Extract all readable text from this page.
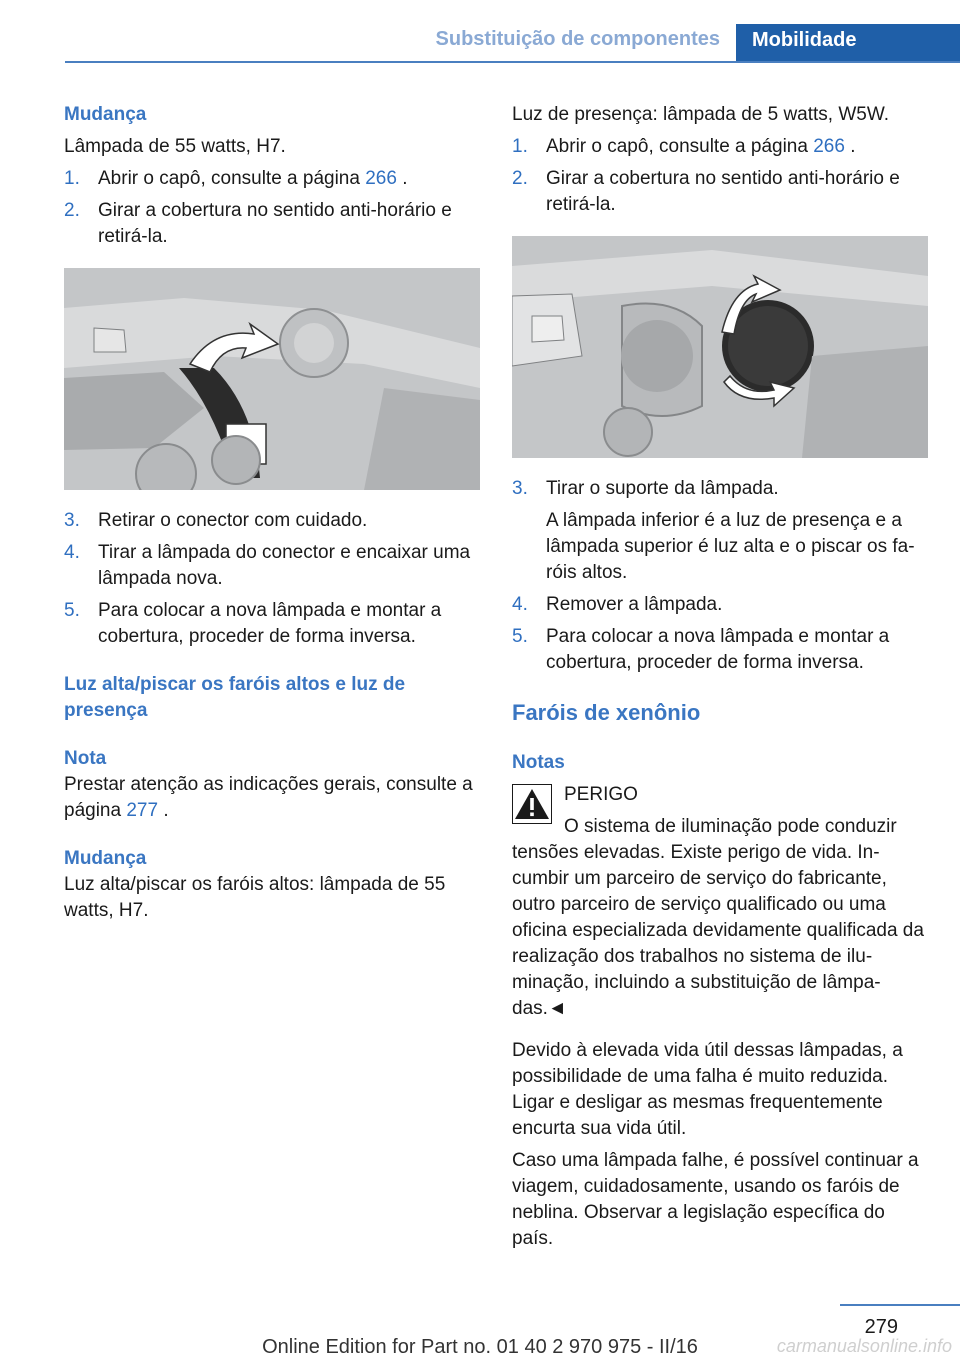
Substituição de componentes	Mobilidade
Mudança

Lâmpada de 55 watts, H7.

1. Abrir o capô, consulte a página 266 .
2. Girar a cobertura no sentido anti-horário e retirá-la.
3. Retirar o conector com cuidado.
4. Tirar a lâmpada do conector e encaixar uma lâmpada nova.
5. Para colocar a nova lâmpada e montar a cobertura, proceder de forma inversa.
Luz alta/piscar os faróis altos e luz de presença
Nota

Prestar atenção as indicações gerais, consulte a página 277 .

Mudança

Luz alta/piscar os faróis altos: lâmpada de 55 watts, H7.

Luz de presença: lâmpada de 5 watts, W5W.

1. Abrir o capô, consulte a página 266 .
2. Girar a cobertura no sentido anti-horário e retirá-la.
3. Tirar o suporte da lâmpada.

A lâmpada inferior é a luz de presença e a lâmpada superior é luz alta e o piscar os faróis altos.

4. Remover a lâmpada.
5. Para colocar a nova lâmpada e montar a cobertura, proceder de forma inversa.
Faróis de xenônio
Notas

PERIGO

O sistema de iluminação pode conduzir

tensões elevadas. Existe perigo de vida. Incumbir um parceiro de serviço do fabricante, outro parceiro de serviço qualificado ou uma oficina especializada devidamente qualificada da realização dos trabalhos no sistema de iluminação, incluindo a substituição de lâmpadas.◄

Devido à elevada vida útil dessas lâmpadas, a possibilidade de uma falha é muito reduzida. Ligar e desligar as mesmas frequentemente encurta sua vida útil.

Caso uma lâmpada falhe, é possível continuar a viagem, cuidadosamente, usando os faróis de neblina. Observar a legislação específica do país.

279
Online Edition for Part no. 01 40 2 970 975 - II/16	carmanualsonline.info
